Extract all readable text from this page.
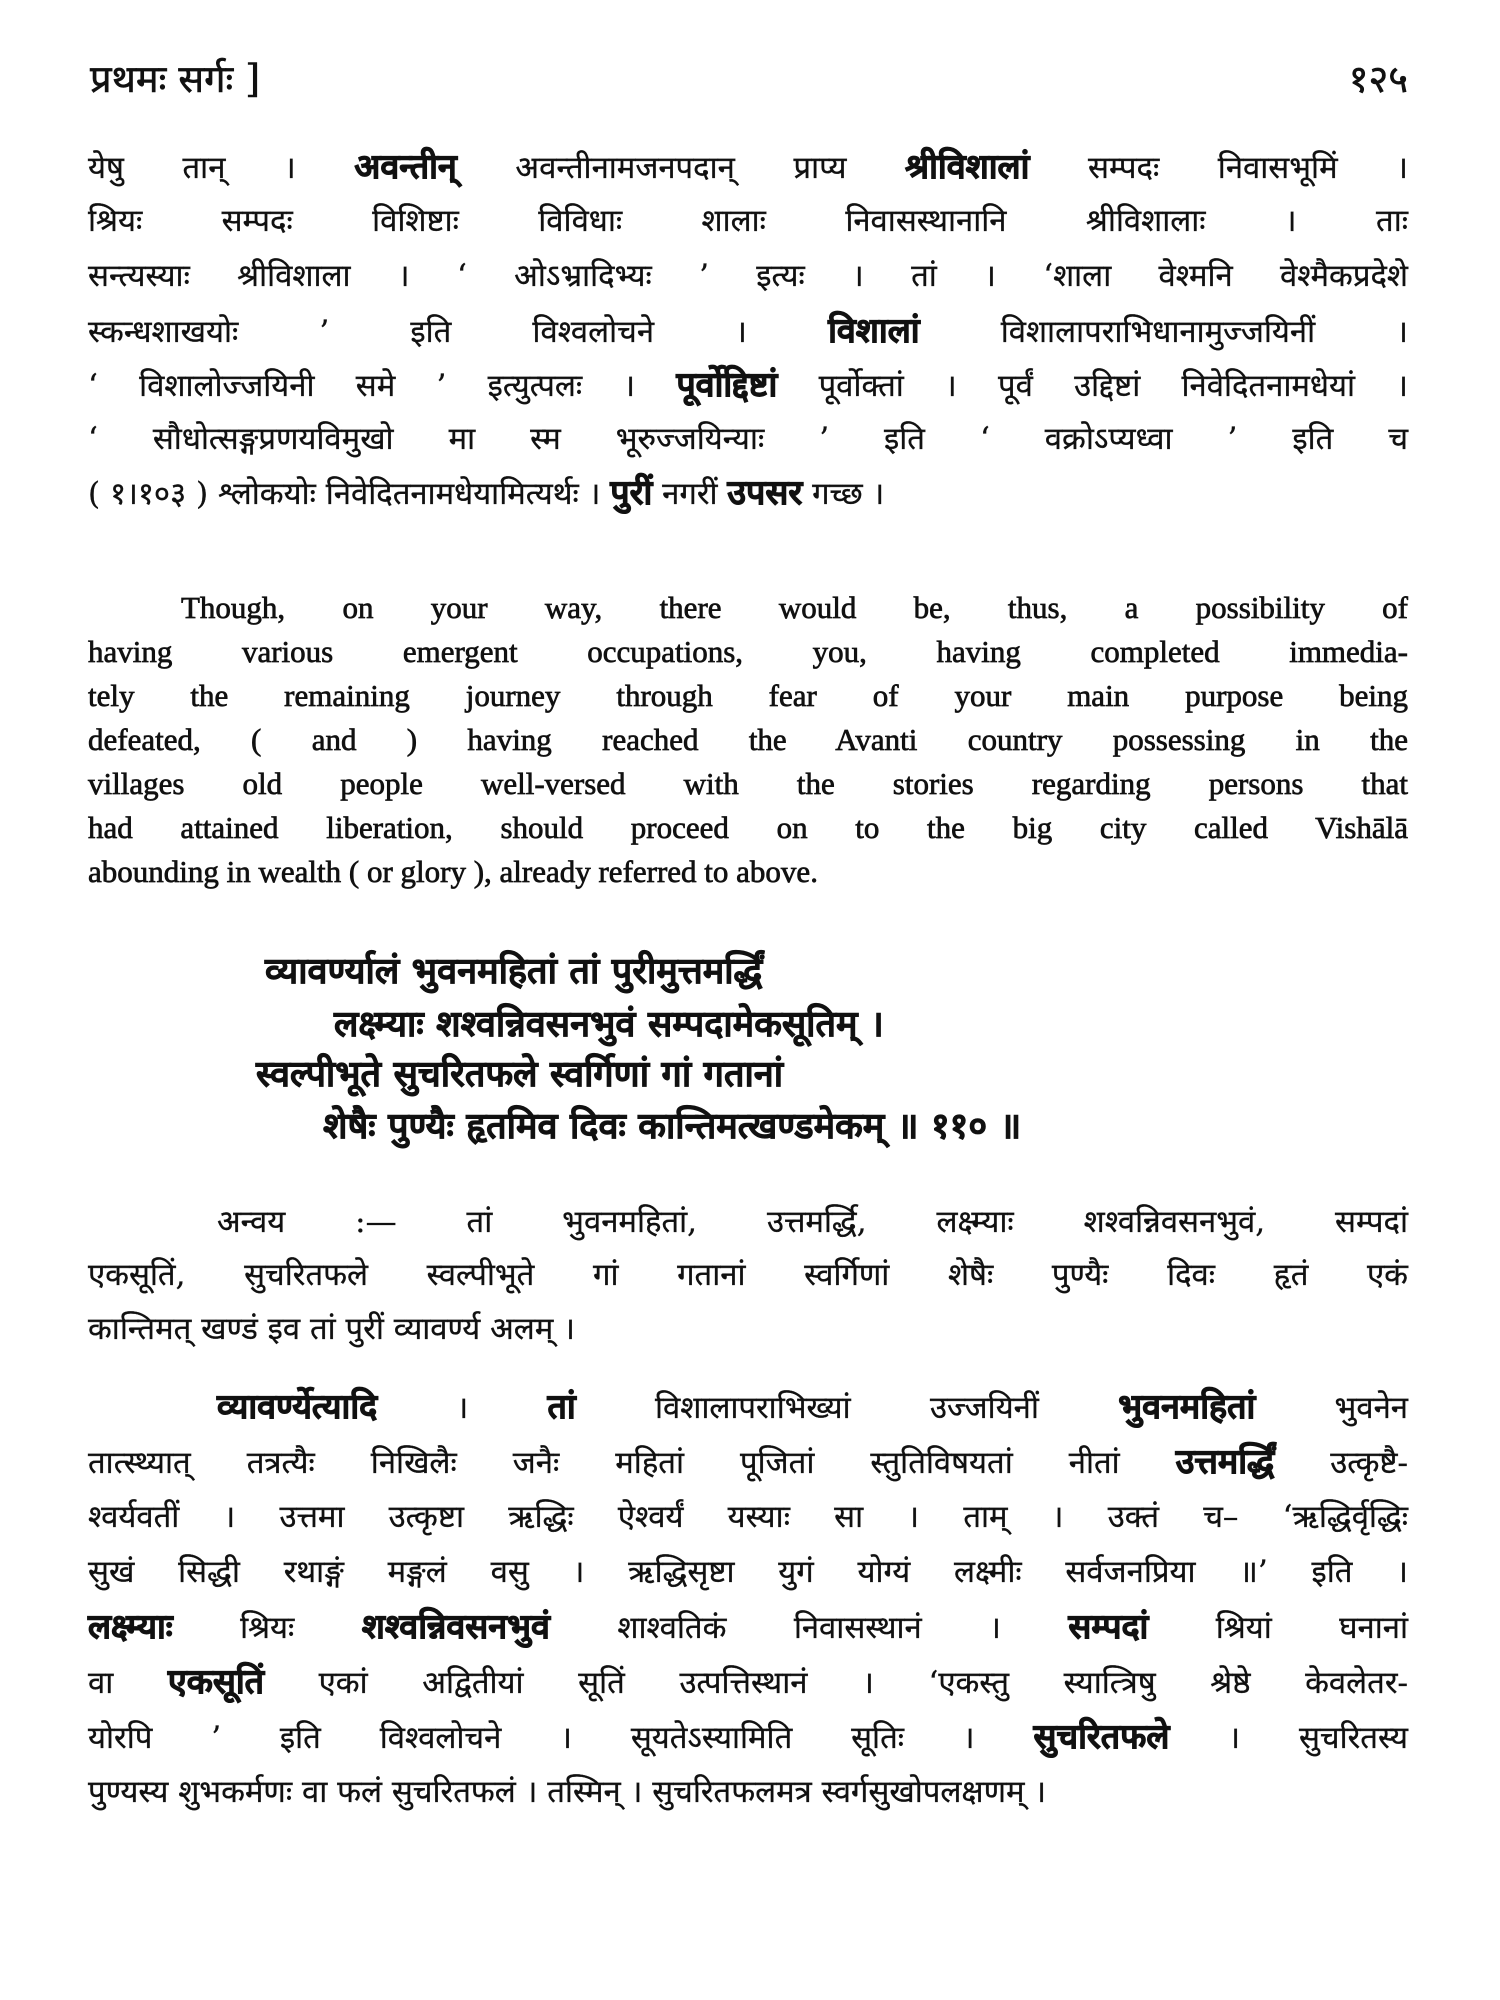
प्रथमः सर्गः ]	१२५
येषु तान् । अवन्तीन् अवन्तीनामजनपदान् प्राप्य श्रीविशालां सम्पदः निवासभूमिं ।
श्रियः सम्पदः विशिष्टाः विविधाः शालाः निवासस्थानानि श्रीविशालाः । ताः
सन्त्यस्याः श्रीविशाला । ‘ ओऽभ्रादिभ्यः ’ इत्यः । तां । ‘शाला वेश्मनि वेश्मैकप्रदेशे
स्कन्धशाखयोः ’ इति विश्वलोचने । विशालां विशालापराभिधानामुज्जयिनीं ।
‘ विशालोज्जयिनी समे ’ इत्युत्पलः । पूर्वोद्दिष्टां पूर्वोक्तां । पूर्वं उद्दिष्टां निवेदितनामधेयां ।
‘ सौधोत्सङ्गप्रणयविमुखो मा स्म भूरुज्जयिन्याः ’ इति ‘ वक्रोऽप्यध्वा ’ इति च
( १।१०३ ) श्लोकयोः निवेदितनामधेयामित्यर्थः । पुरीं नगरीं उपसर गच्छ ।
Though, on your way, there would be, thus, a possibility of
having various emergent occupations, you, having completed immedia-
tely the remaining journey through fear of your main purpose being
defeated, ( and ) having reached the Avanti country possessing in the
villages old people well-versed with the stories regarding persons that
had attained liberation, should proceed on to the big city called Vishālā
abounding in wealth ( or glory ), already referred to above.
व्यावर्ण्यालं भुवनमहितां तां पुरीमुत्तमर्द्धिं
लक्ष्म्याः शश्वन्निवसनभुवं सम्पदामेकसूतिम् ।
स्वल्पीभूते सुचरितफले स्वर्गिणां गां गतानां
शेषैः पुण्यैः हृतमिव दिवः कान्तिमत्खण्डमेकम् ॥ ११० ॥
अन्वय :— तां भुवनमहितां, उत्तमर्द्धि, लक्ष्म्याः शश्वन्निवसनभुवं, सम्पदां
एकसूतिं, सुचरितफले स्वल्पीभूते गां गतानां स्वर्गिणां शेषैः पुण्यैः दिवः हृतं एकं
कान्तिमत् खण्डं इव तां पुरीं व्यावर्ण्य अलम् ।
व्यावर्ण्येत्यादि । तां विशालापराभिख्यां उज्जयिनीं भुवनमहितां भुवनेन
तात्स्थ्यात् तत्रत्यैः निखिलैः जनैः महितां पूजितां स्तुतिविषयतां नीतां उत्तमर्द्धिं उत्कृष्टै-
श्वर्यवतीं । उत्तमा उत्कृष्टा ऋद्धिः ऐश्वर्यं यस्याः सा । ताम् । उक्तं च– ‘ऋद्धिर्वृद्धिः
सुखं सिद्धी रथाङ्गं मङ्गलं वसु । ऋद्धिसृष्टा युगं योग्यं लक्ष्मीः सर्वजनप्रिया ॥’ इति ।
लक्ष्म्याः श्रियः शश्वन्निवसनभुवं शाश्वतिकं निवासस्थानं । सम्पदां श्रियां घनानां
वा एकसूतिं एकां अद्वितीयां सूतिं उत्पत्तिस्थानं । ‘एकस्तु स्यात्त्रिषु श्रेष्ठे केवलेतर-
योरपि ’ इति विश्वलोचने । सूयतेऽस्यामिति सूतिः । सुचरितफले । सुचरितस्य
पुण्यस्य शुभकर्मणः वा फलं सुचरितफलं । तस्मिन् । सुचरितफलमत्र स्वर्गसुखोपलक्षणम् ।
